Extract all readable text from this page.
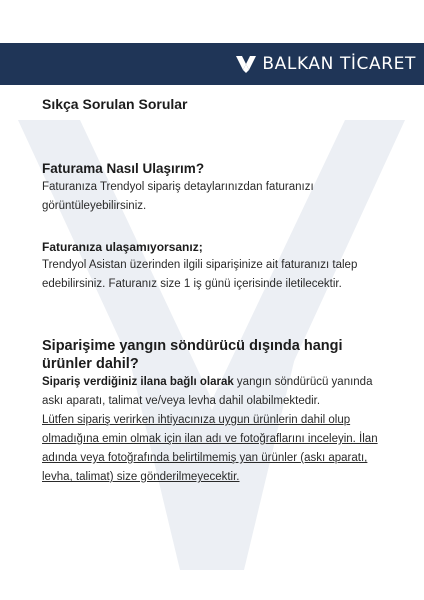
BALKAN TİCARET
Sıkça Sorulan Sorular

Faturama Nasıl Ulaşırım?

Faturanıza Trendyol sipariş detaylarınızdan faturanızı görüntüleyebilirsiniz.

Faturanıza ulaşamıyorsanız;

Trendyol Asistan üzerinden ilgili siparişinize ait faturanızı talep edebilirsiniz. Faturanız size 1 iş günü içerisinde iletilecektir.

Siparişime yangın söndürücü dışında hangi ürünler dahil?

Sipariş verdiğiniz ilana bağlı olarak yangın söndürücü yanında askı aparatı, talimat ve/veya levha dahil olabilmektedir.

Lütfen sipariş verirken ihtiyacınıza uygun ürünlerin dahil olup olmadığına emin olmak için ilan adı ve fotoğraflarını inceleyin. İlan adında veya fotoğrafında belirtilmemiş yan ürünler (askı aparatı, levha, talimat) size gönderilmeyecektir.
